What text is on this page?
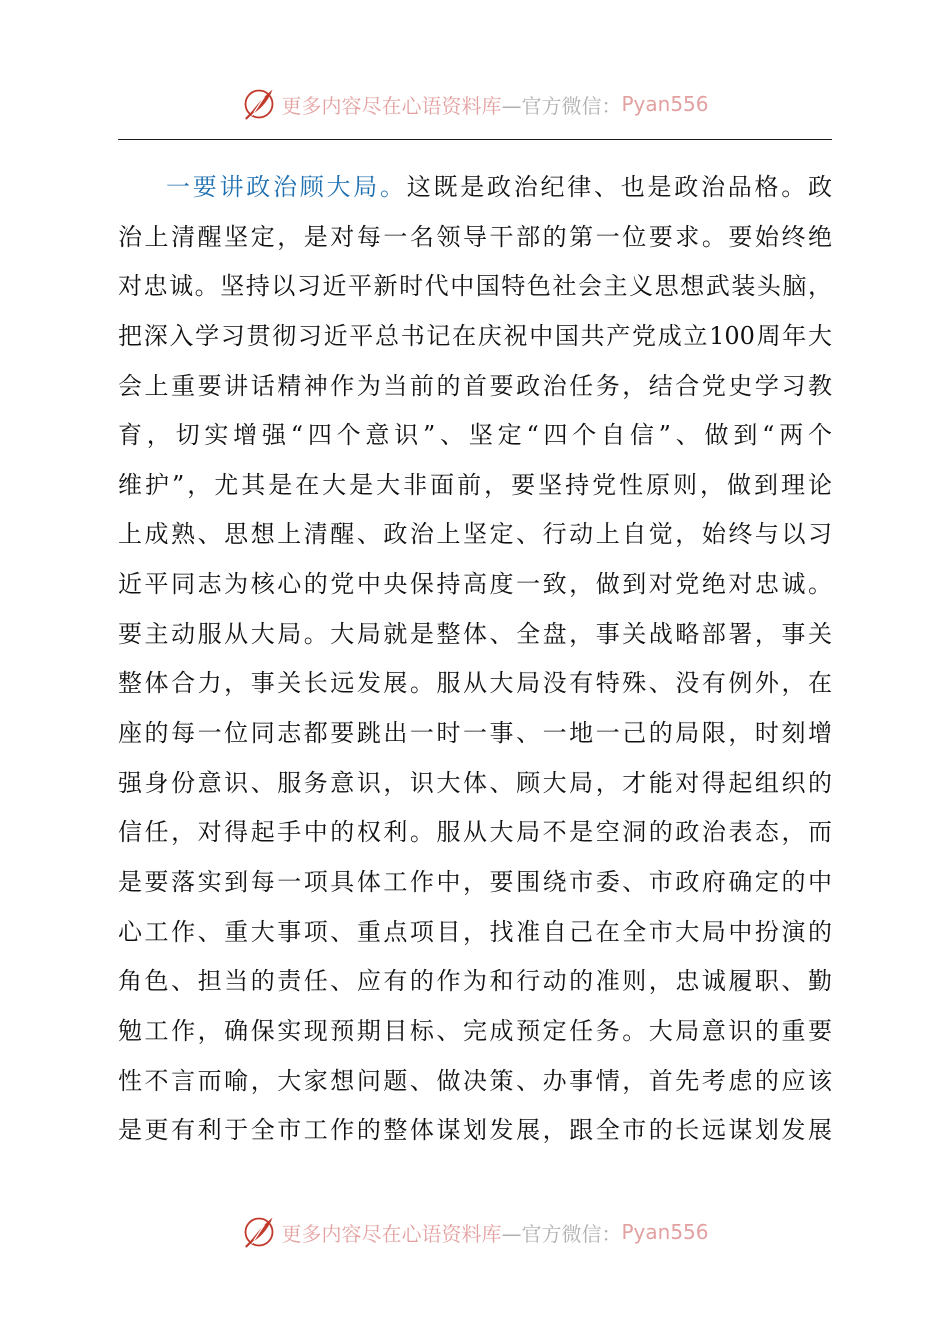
更多内容尽在心语资料库 —官方微信： Pyan556
一要讲政治顾大局。这既是政治纪律、也是政治品格。政
治上清醒坚定，是对每一名领导干部的第一位要求。要始终绝
对忠诚。坚持以习近平新时代中国特色社会主义思想武装头脑，
把深入学习贯彻习近平总书记在庆祝中国共产党成立100周年大
会上重要讲话精神作为当前的首要政治任务，结合党史学习教
育，切实增强“四个意识”、坚定“四个自信”、做到“两个
维护”，尤其是在大是大非面前，要坚持党性原则，做到理论
上成熟、思想上清醒、政治上坚定、行动上自觉，始终与以习
近平同志为核心的党中央保持高度一致，做到对党绝对忠诚。
要主动服从大局。大局就是整体、全盘，事关战略部署，事关
整体合力，事关长远发展。服从大局没有特殊、没有例外，在
座的每一位同志都要跳出一时一事、一地一己的局限，时刻增
强身份意识、服务意识，识大体、顾大局，才能对得起组织的
信任，对得起手中的权利。服从大局不是空洞的政治表态，而
是要落实到每一项具体工作中，要围绕市委、市政府确定的中
心工作、重大事项、重点项目，找准自己在全市大局中扮演的
角色、担当的责任、应有的作为和行动的准则，忠诚履职、勤
勉工作，确保实现预期目标、完成预定任务。大局意识的重要
性不言而喻，大家想问题、做决策、办事情，首先考虑的应该
是更有利于全市工作的整体谋划发展，跟全市的长远谋划发展
更多内容尽在心语资料库 —官方微信： Pyan556
